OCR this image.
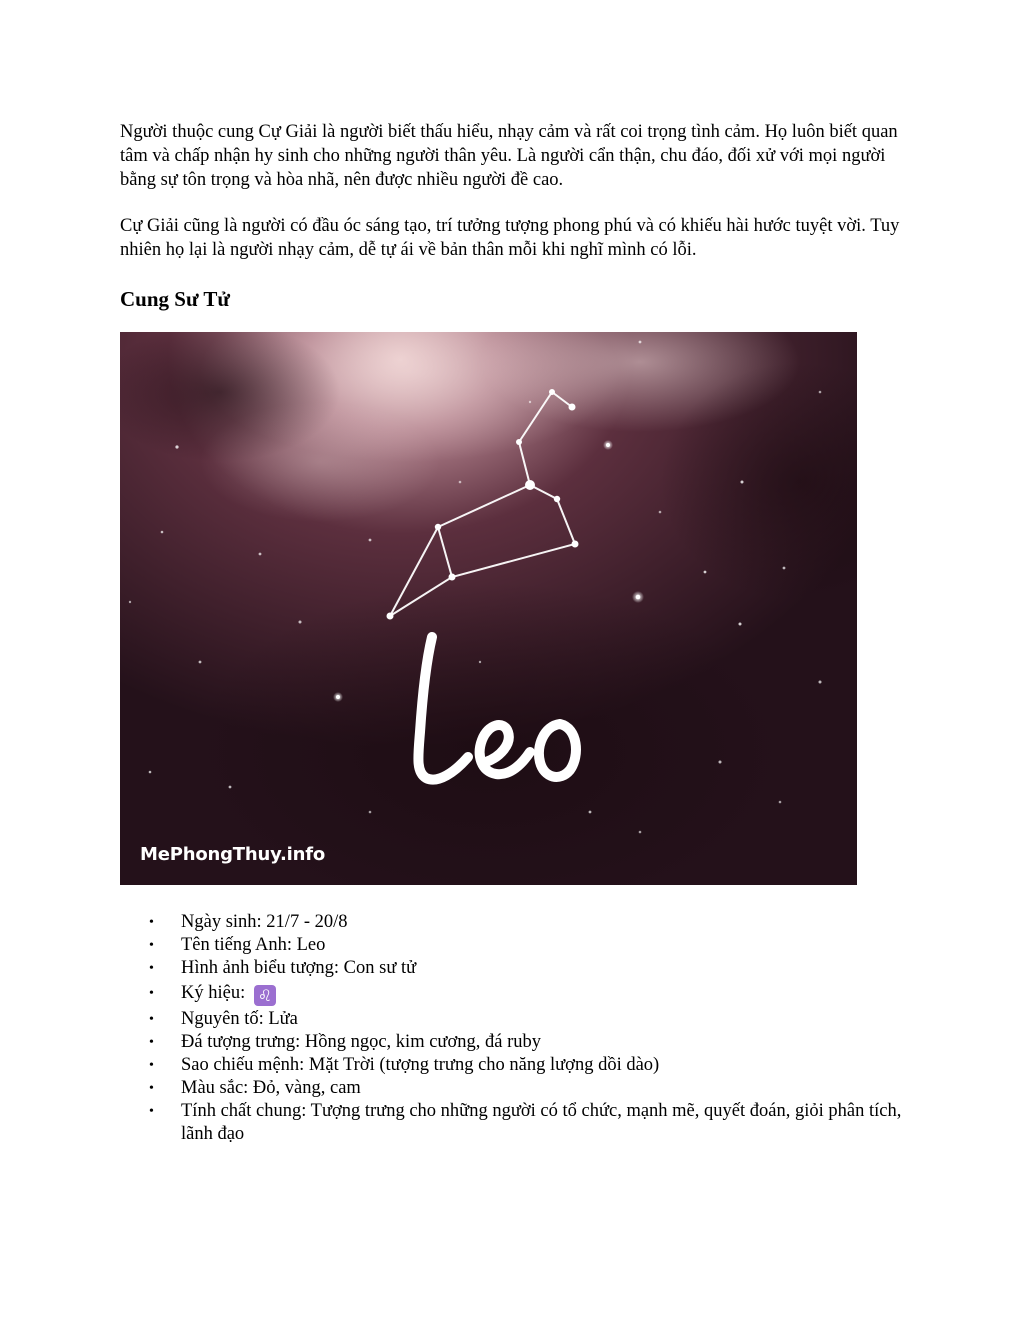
Người thuộc cung Cự Giải là người biết thấu hiểu, nhạy cảm và rất coi trọng tình cảm. Họ luôn biết quan tâm và chấp nhận hy sinh cho những người thân yêu. Là người cẩn thận, chu đáo, đối xử với mọi người bằng sự tôn trọng và hòa nhã, nên được nhiều người đề cao.

Cự Giải cũng là người có đầu óc sáng tạo, trí tưởng tượng phong phú và có khiếu hài hước tuyệt vời. Tuy nhiên họ lại là người nhạy cảm, dễ tự ái về bản thân mỗi khi nghĩ mình có lỗi.

Cung Sư Tử
MePhongThuy.info
• Ngày sinh: 21/7 - 20/8
• Tên tiếng Anh: Leo
• Hình ảnh biểu tượng: Con sư tử
• Ký hiệu: ♌
• Nguyên tố: Lửa
• Đá tượng trưng: Hồng ngọc, kim cương, đá ruby
• Sao chiếu mệnh: Mặt Trời (tượng trưng cho năng lượng dồi dào)
• Màu sắc: Đỏ, vàng, cam
• Tính chất chung: Tượng trưng cho những người có tổ chức, mạnh mẽ, quyết đoán, giỏi phân tích, lãnh đạo
